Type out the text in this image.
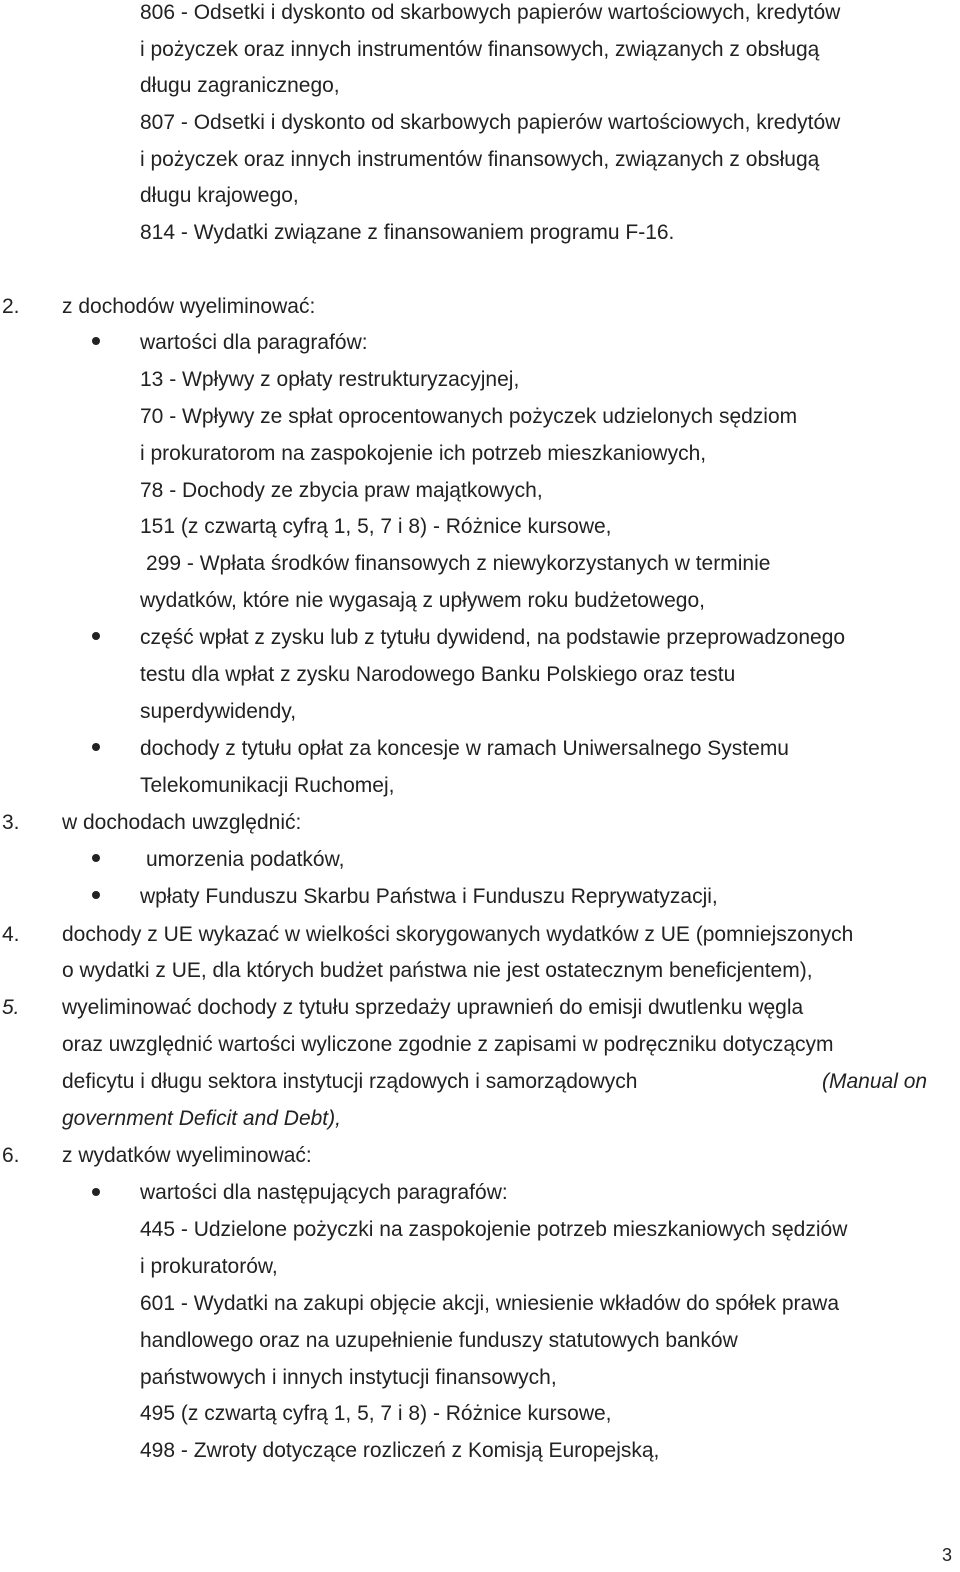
806 - Odsetki i dyskonto od skarbowych papierów wartościowych, kredytów
i pożyczek oraz innych instrumentów finansowych, związanych z obsługą
długu zagranicznego,
807 - Odsetki i dyskonto od skarbowych papierów wartościowych, kredytów
i pożyczek oraz innych instrumentów finansowych, związanych z obsługą
długu krajowego,
814 - Wydatki związane z finansowaniem programu F-16.
2. z dochodów wyeliminować:
wartości dla paragrafów:
13 - Wpływy z opłaty restrukturyzacyjnej,
70 - Wpływy ze spłat oprocentowanych pożyczek udzielonych sędziom
i prokuratorom na zaspokojenie ich potrzeb mieszkaniowych,
78 - Dochody ze zbycia praw majątkowych,
151 (z czwartą cyfrą 1, 5, 7 i 8) - Różnice kursowe,
299 - Wpłata środków finansowych z niewykorzystanych w terminie
wydatków, które nie wygasają z upływem roku budżetowego,
część wpłat z zysku lub z tytułu dywidend, na podstawie przeprowadzonego
testu dla wpłat z zysku Narodowego Banku Polskiego oraz testu
superdywidendy,
dochody z tytułu opłat za koncesje w ramach Uniwersalnego Systemu
Telekomunikacji Ruchomej,
3. w dochodach uwzględnić:
umorzenia podatków,
wpłaty Funduszu Skarbu Państwa i Funduszu Reprywatyzacji,
4. dochody z UE wykazać w wielkości skorygowanych wydatków z UE (pomniejszonych
o wydatki z UE, dla których budżet państwa nie jest ostatecznym beneficjentem),
5. wyeliminować dochody z tytułu sprzedaży uprawnień do emisji dwutlenku węgla
oraz uwzględnić wartości wyliczone zgodnie z zapisami w podręczniku dotyczącym
deficytu i długu sektora instytucji rządowych i samorządowych	(Manual on
government Deficit and Debt),
6. z wydatków wyeliminować:
wartości dla następujących paragrafów:
445 - Udzielone pożyczki na zaspokojenie potrzeb mieszkaniowych sędziów
i prokuratorów,
601 - Wydatki na zakupi objęcie akcji, wniesienie wkładów do spółek prawa
handlowego oraz na uzupełnienie funduszy statutowych banków
państwowych i innych instytucji finansowych,
495 (z czwartą cyfrą 1, 5, 7 i 8) - Różnice kursowe,
498 - Zwroty dotyczące rozliczeń z Komisją Europejską,
3
